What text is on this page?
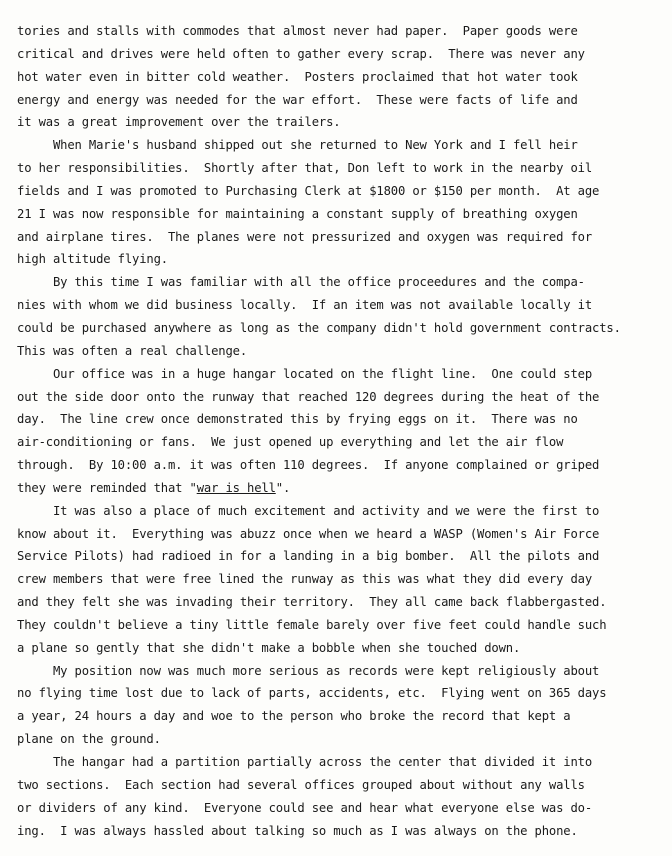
tories and stalls with commodes that almost never had paper.  Paper goods were
critical and drives were held often to gather every scrap.  There was never any
hot water even in bitter cold weather.  Posters proclaimed that hot water took
energy and energy was needed for the war effort.  These were facts of life and
it was a great improvement over the trailers.
When Marie's husband shipped out she returned to New York and I fell heir
to her responsibilities.  Shortly after that, Don left to work in the nearby oil
fields and I was promoted to Purchasing Clerk at $1800 or $150 per month.  At age
21 I was now responsible for maintaining a constant supply of breathing oxygen
and airplane tires.  The planes were not pressurized and oxygen was required for
high altitude flying.
By this time I was familiar with all the office proceedures and the compa-
nies with whom we did business locally.  If an item was not available locally it
could be purchased anywhere as long as the company didn't hold government contracts.
This was often a real challenge.
Our office was in a huge hangar located on the flight line.  One could step
out the side door onto the runway that reached 120 degrees during the heat of the
day.  The line crew once demonstrated this by frying eggs on it.  There was no
air-conditioning or fans.  We just opened up everything and let the air flow
through.  By 10:00 a.m. it was often 110 degrees.  If anyone complained or griped
they were reminded that "war is hell".
It was also a place of much excitement and activity and we were the first to
know about it.  Everything was abuzz once when we heard a WASP (Women's Air Force
Service Pilots) had radioed in for a landing in a big bomber.  All the pilots and
crew members that were free lined the runway as this was what they did every day
and they felt she was invading their territory.  They all came back flabbergasted.
They couldn't believe a tiny little female barely over five feet could handle such
a plane so gently that she didn't make a bobble when she touched down.
My position now was much more serious as records were kept religiously about
no flying time lost due to lack of parts, accidents, etc.  Flying went on 365 days
a year, 24 hours a day and woe to the person who broke the record that kept a
plane on the ground.
The hangar had a partition partially across the center that divided it into
two sections.  Each section had several offices grouped about without any walls
or dividers of any kind.  Everyone could see and hear what everyone else was do-
ing.  I was always hassled about talking so much as I was always on the phone.
